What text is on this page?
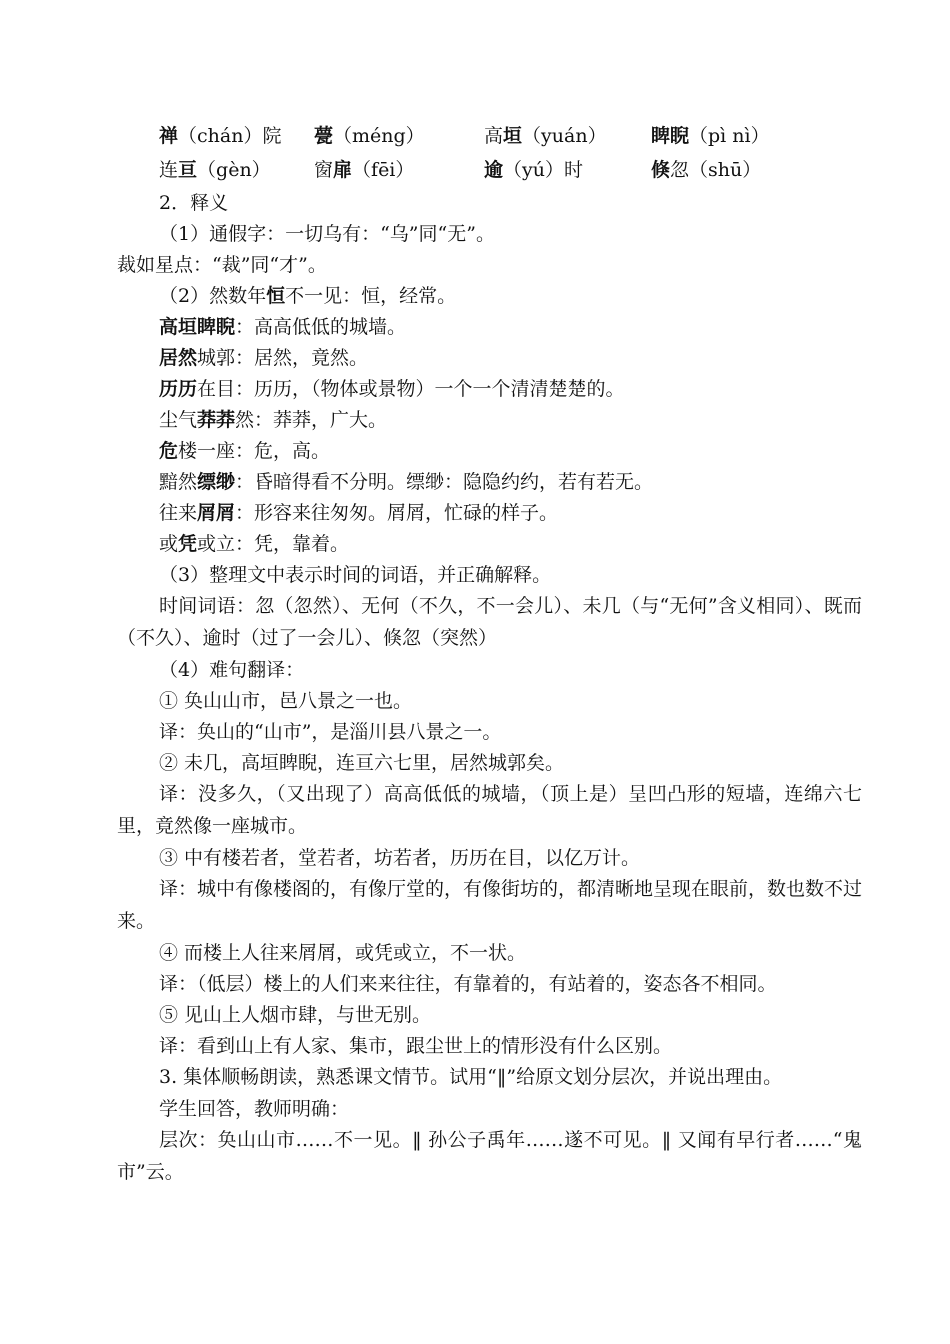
禅（chán）院	甍（méng）	高垣（yuán）	睥睨（pì nì）
连亘（gèn）	窗扉（fēi）	逾（yú）时	倏忽（shū）

2．释义

（1）通假字：一切乌有：“乌”同“无”。

裁如星点：“裁”同“才”。

（2）然数年恒不一见：恒，经常。

高垣睥睨：高高低低的城墙。

居然城郭：居然，竟然。

历历在目：历历，（物体或景物）一个一个清清楚楚的。

尘气莽莽然：莽莽，广大。

危楼一座：危，高。

黯然缥缈：昏暗得看不分明。缥缈：隐隐约约，若有若无。

往来屑屑：形容来往匆匆。屑屑，忙碌的样子。

或凭或立：凭，靠着。

（3）整理文中表示时间的词语，并正确解释。

时间词语：忽（忽然）、无何（不久，不一会儿）、未几（与“无何”含义相同）、既而（不久）、逾时（过了一会儿）、倏忽（突然）

（4）难句翻译：

① 奂山山市，邑八景之一也。

译：奂山的“山市”，是淄川县八景之一。

② 未几，高垣睥睨，连亘六七里，居然城郭矣。

译：没多久，（又出现了）高高低低的城墙，（顶上是）呈凹凸形的短墙，连绵六七里，竟然像一座城市。

③ 中有楼若者，堂若者，坊若者，历历在目，以亿万计。

译：城中有像楼阁的，有像厅堂的，有像街坊的，都清晰地呈现在眼前，数也数不过来。

④ 而楼上人往来屑屑，或凭或立，不一状。

译：（低层）楼上的人们来来往往，有靠着的，有站着的，姿态各不相同。

⑤ 见山上人烟市肆，与世无别。

译：看到山上有人家、集市，跟尘世上的情形没有什么区别。

3. 集体顺畅朗读，熟悉课文情节。试用“‖”给原文划分层次，并说出理由。

学生回答，教师明确：

层次：奂山山市……不一见。‖ 孙公子禹年……遂不可见。‖ 又闻有早行者……“鬼市”云。
